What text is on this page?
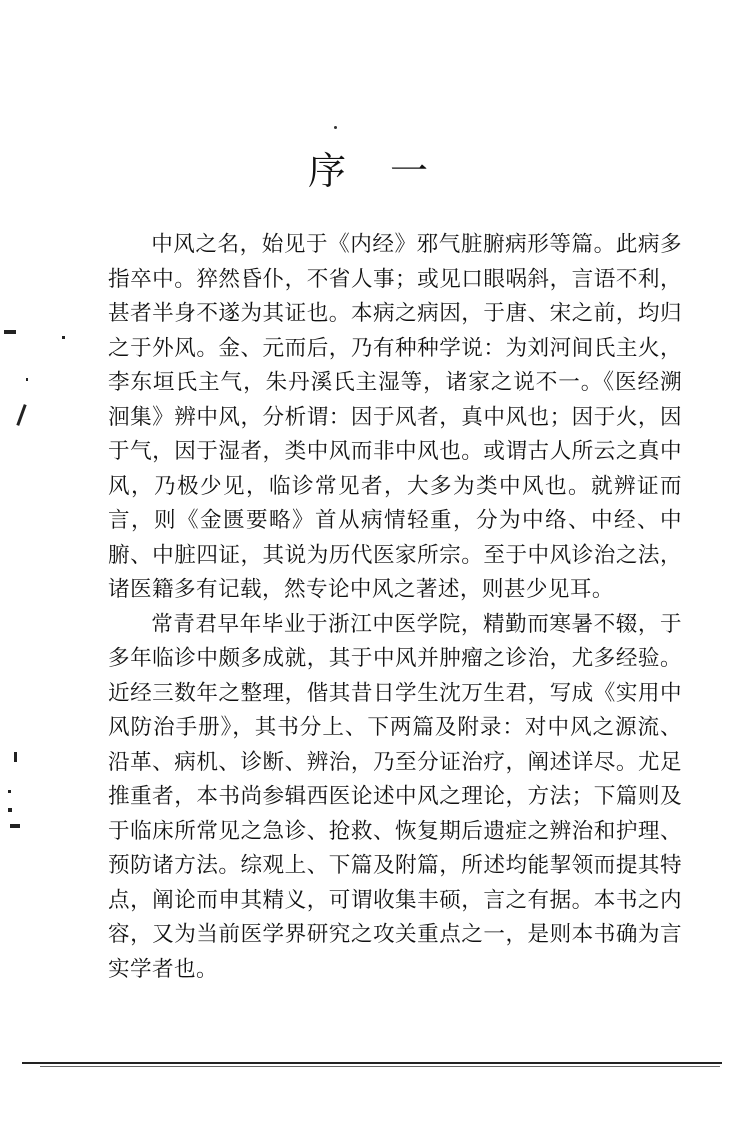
序一

中风之名，始见于《内经》邪气脏腑病形等篇。此病多指卒中。猝然昏仆，不省人事；或见口眼㖞斜，言语不利，甚者半身不遂为其证也。本病之病因，于唐、宋之前，均归之于外风。金、元而后，乃有种种学说：为刘河间氏主火，李东垣氏主气，朱丹溪氏主湿等，诸家之说不一。《医经溯洄集》辨中风，分析谓：因于风者，真中风也；因于火，因于气，因于湿者，类中风而非中风也。或谓古人所云之真中风，乃极少见，临诊常见者，大多为类中风也。就辨证而言，则《金匮要略》首从病情轻重，分为中络、中经、中腑、中脏四证，其说为历代医家所宗。至于中风诊治之法，诸医籍多有记载，然专论中风之著述，则甚少见耳。

常青君早年毕业于浙江中医学院，精勤而寒暑不辍，于多年临诊中颇多成就，其于中风并肿瘤之诊治，尤多经验。近经三数年之整理，偕其昔日学生沈万生君，写成《实用中风防治手册》，其书分上、下两篇及附录：对中风之源流、沿革、病机、诊断、辨治，乃至分证治疗，阐述详尽。尤足推重者，本书尚参辑西医论述中风之理论，方法；下篇则及于临床所常见之急诊、抢救、恢复期后遗症之辨治和护理、预防诸方法。综观上、下篇及附篇，所述均能挈领而提其特点，阐论而申其精义，可谓收集丰硕，言之有据。本书之内容，又为当前医学界研究之攻关重点之一，是则本书确为言实学者也。
